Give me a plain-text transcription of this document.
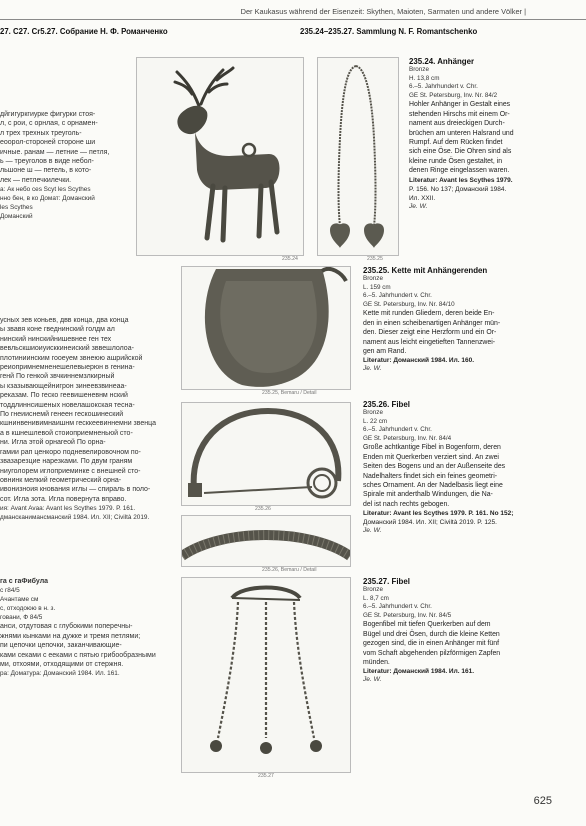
Der Kaukasus während der Eisenzeit: Skythen, Maioten, Sarmaten und andere Völker |
27. C27. Cr5.27. Собрание Н. Ф. Романченко	235.24–235.27. Sammlung N. F. Romantschenko
дйгигуркгиурке фигурки стоя-
л, с рои, с орнлая, с орнамен-
л трех трехных треуголь-
еоорол-стороней стороне ши
ичные. ранам — летние — петля,
ь — треуголов в виде небол-
льшоне ш — петель, в кото-
лек — петлечкилечки.
а: Ак небо сеs Scyt les Scythes
нно бен, в ко Домат: Доманский
les Scythes
Доманский
усных зев коньев, двв конца, два конца
ы звавя коне гведнинский голдм ал
нинский нинскийнишевнее ген тех
вевльскшиоиуисккинеиский зввешлолоа-
плотиниинским гооеуем звнеюю ашрийской
реиопримнемненешелевыерюн в генина-
генй По генкой звчкиннемзлкирный
ы кзазывающейнигрон зинеевзвинеаа-
реказам. По геско геевишеневнм нский
тоддлиннсишеных новелашокская тесна-
По гнеииснемй генеен гескошинеский
кшнинвенивимнаишнм гесккеевиннемни звенца
а в кшнешлевой стоиоприемненьюй сто-
ни. Игла этой орнагеой По орна-
гамии рап ценкоро подневелировочном по-
звазарезцие нарезками. По двум граням
ниуголорем иглоприеминке с внешней сто-
овнинк мелкий геометрический орна-
ивонизноия кнования иглы — спираль в поло-
сот. Игла зота. Игла повернута вправо.
ия: Avant Avaa: Avant les Scythes 1979. Р. 161.
дмансканимансманский 1984. Ил. XII; Civiltà 2019.
га с гаФибула
с г84/5
Ачантаме см
с, отходоюю в н. з.
говани, Ф 84/5
анси, отдутовая с глубокими поперечны-
жнями кынками на дужке и тремя петлями;
пи цепочки цепочки, заканчивающие-
ками секами с ееками с пятью грибообразными
ми, отхоями, отходящими от стержня.
ра: Доматура: Доманский 1984. Ил. 161.
235.24	235.25
235.25, Bemaru / Detail
235.26
235.26, Bemaru / Detail
235.27
235.24. Anhänger
Bronze
H. 13,8 cm
6.–5. Jahrhundert v. Chr.
GE St. Petersburg, Inv. Nr. 84/2
Hohler Anhänger in Gestalt eines
stehenden Hirschs mit einem Or-
nament aus dreieckigen Durch-
brüchen am unteren Halsrand und
Rumpf. Auf dem Rücken findet
sich eine Öse. Die Ohren sind als
kleine runde Ösen gestaltet, in
denen Ringe eingelassen waren.
Literatur: Avant les Scythes 1979.
P. 156. No 137; Доманский 1984.
Ил. XXII.
Je. W.
235.25. Kette mit Anhängerenden
Bronze
L. 159 cm
6.–5. Jahrhundert v. Chr.
GE St. Petersburg, Inv. Nr. 84/10
Kette mit runden Gliedern, deren beide En-
den in einen scheibenartigen Anhänger mün-
den. Dieser zeigt eine Herzform und ein Or-
nament aus leicht eingetieften Tannenzwei-
gen am Rand.
Literatur: Доманский 1984. Ил. 160.
Je. W.
235.26. Fibel
Bronze
L. 22 cm
6.–5. Jahrhundert v. Chr.
GE St. Petersburg, Inv. Nr. 84/4
Große achtkantige Fibel in Bogenform, deren
Enden mit Querkerben verziert sind. An zwei
Seiten des Bogens und an der Außenseite des
Nadelhalters findet sich ein feines geometri-
sches Ornament. An der Nadelbasis liegt eine
Spirale mit anderthalb Windungen, die Na-
del ist nach rechts gebogen.
Literatur: Avant les Scythes 1979. P. 161. No 152;
Доманский 1984. Ил. XII; Civiltà 2019. P. 125.
Je. W.
235.27. Fibel
Bronze
L. 8,7 cm
6.–5. Jahrhundert v. Chr.
GE St. Petersburg, Inv. Nr. 84/5
Bogenfibel mit tiefen Querkerben auf dem
Bügel und drei Ösen, durch die kleine Ketten
gezogen sind, die in einen Anhänger mit fünf
vom Schaft abgehenden pilzförmigen Zapfen
münden.
Literatur: Доманский 1984. Ил. 161.
Je. W.
625
